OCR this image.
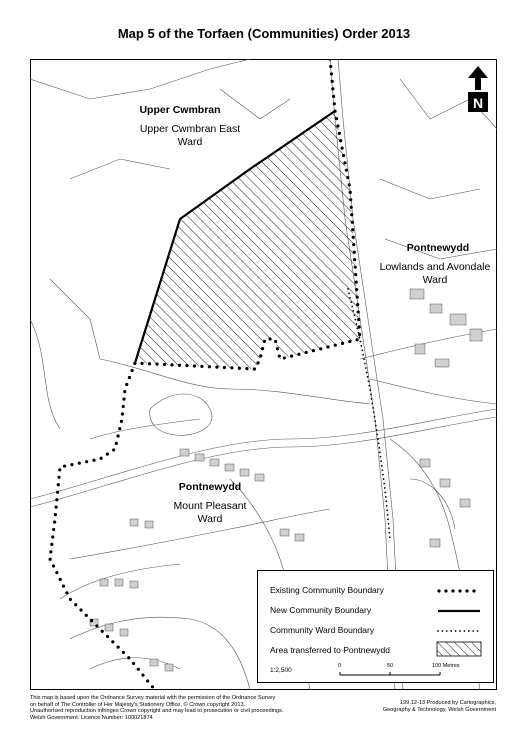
Map 5 of the Torfaen (Communities) Order 2013
Upper Cwmbran
Upper Cwmbran East
Ward
Pontnewydd
Lowlands and Avondale
Ward
Pontnewydd
Mount Pleasant
Ward
N
Existing Community Boundary
New Community Boundary
Community Ward Boundary
Area transferred to Pontnewydd
1:2,500
0	50	100 Metres
This map is based upon the Ordnance Survey material with the permission of the Ordnance Survey
on behalf of The Controller of Her Majesty's Stationery Office, © Crown copyright 2013.
Unauthorised reproduction infringes Crown copyright and may lead to prosecution or civil proceedings.
Welsh Government. Licence Number: 100021874
199.12-13 Produced by Cartographics,
Geography & Technology, Welsh Government
